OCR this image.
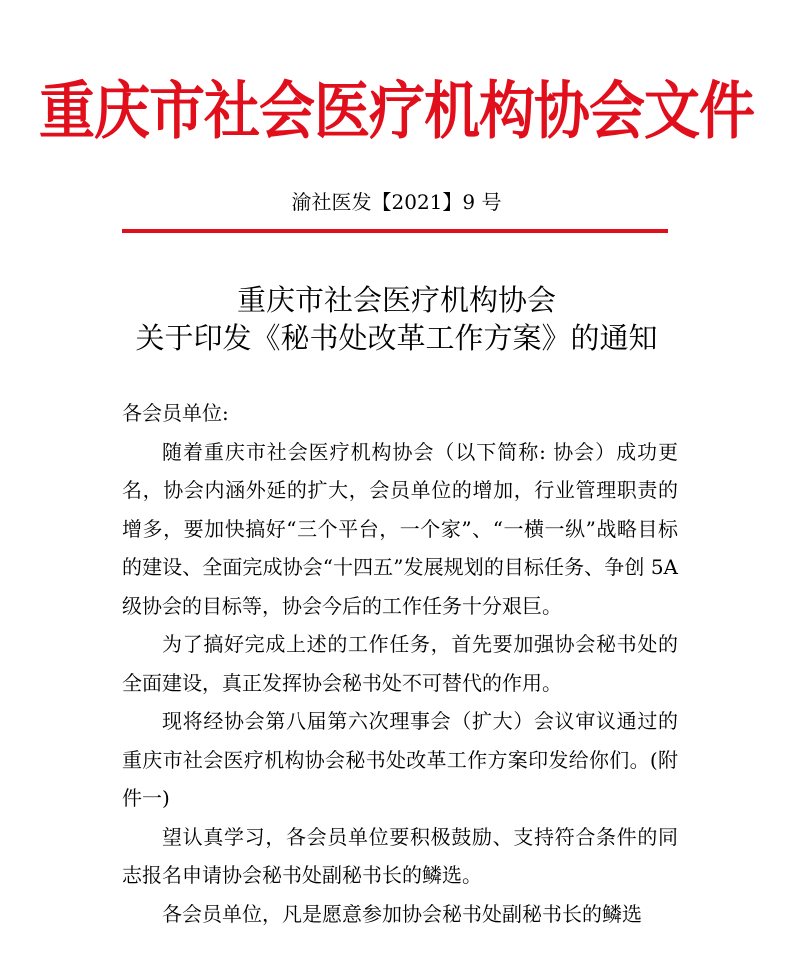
重庆市社会医疗机构协会文件
渝社医发【2021】9 号
重庆市社会医疗机构协会
关于印发《秘书处改革工作方案》的通知

各会员单位:

随着重庆市社会医疗机构协会（以下简称: 协会）成功更名，协会内涵外延的扩大，会员单位的增加，行业管理职责的增多，要加快搞好“三个平台，一个家”、“一横一纵”战略目标的建设、全面完成协会“十四五”发展规划的目标任务、争创 5A 级协会的目标等，协会今后的工作任务十分艰巨。

为了搞好完成上述的工作任务，首先要加强协会秘书处的全面建设，真正发挥协会秘书处不可替代的作用。

现将经协会第八届第六次理事会（扩大）会议审议通过的重庆市社会医疗机构协会秘书处改革工作方案印发给你们。(附件一)

望认真学习，各会员单位要积极鼓励、支持符合条件的同志报名申请协会秘书处副秘书长的鳞选。

各会员单位，凡是愿意参加协会秘书处副秘书长的鳞选
